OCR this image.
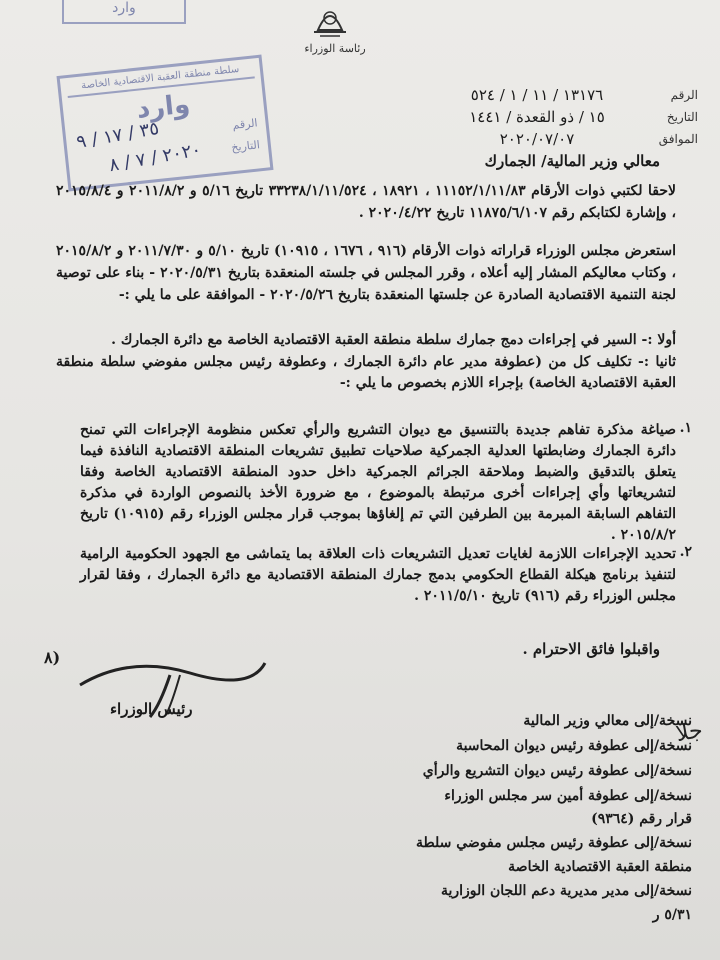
وارد
رئاسة الوزراء
الرقم
١٣١٧٦ / ١١ / ١ / ٥٢٤
التاريخ
١٥ / ذو القعدة / ١٤٤١
الموافق
٢٠٢٠/٠٧/٠٧
سلطة منطقة العقبة الاقتصادية الخاصة
وارد	الرقم
التاريخ
٣٥ / ١٧ / ٩
٢٠٢٠ / ٧ / ٨	معالي وزير المالية/ الجمارك
لاحقا لكتبي ذوات الأرقام ١١١٥٢/١/١١/٨٣ ، ١٨٩٢١ ، ٣٣٢٣٨/١/١١/٥٢٤ تاريخ ٥/١٦ و ٢٠١١/٨/٢ و ٢٠١٥/٨/٤ ، وإشارة لكتابكم رقم ١١٨٧٥/٦/١٠٧ تاريخ ٢٠٢٠/٤/٢٢ .
استعرض مجلس الوزراء قراراته ذوات الأرقام (٩١٦ ، ١٦٧٦ ، ١٠٩١٥) تاريخ ٥/١٠ و ٢٠١١/٧/٣٠ و ٢٠١٥/٨/٢ ، وكتاب معاليكم المشار إليه أعلاه ، وقرر المجلس في جلسته المنعقدة بتاريخ ٢٠٢٠/٥/٣١ - بناء على توصية لجنة التنمية الاقتصادية الصادرة عن جلستها المنعقدة بتاريخ ٢٠٢٠/٥/٢٦ - الموافقة على ما يلي :-
أولا :- السير في إجراءات دمج جمارك سلطة منطقة العقبة الاقتصادية الخاصة مع دائرة الجمارك .
ثانيا :- تكليف كل من (عطوفة مدير عام دائرة الجمارك ، وعطوفة رئيس مجلس مفوضي سلطة منطقة العقبة الاقتصادية الخاصة) بإجراء اللازم بخصوص ما يلي :-
١.
صياغة مذكرة تفاهم جديدة بالتنسيق مع ديوان التشريع والرأي تعكس منظومة الإجراءات التي تمنح دائرة الجمارك وضابطتها العدلية الجمركية صلاحيات تطبيق تشريعات المنطقة الاقتصادية النافذة فيما يتعلق بالتدقيق والضبط وملاحقة الجرائم الجمركية داخل حدود المنطقة الاقتصادية الخاصة وفقا لتشريعاتها وأي إجراءات أخرى مرتبطة بالموضوع ، مع ضرورة الأخذ بالنصوص الواردة في مذكرة التفاهم السابقة المبرمة بين الطرفين التي تم إلغاؤها بموجب قرار مجلس الوزراء رقم (١٠٩١٥) تاريخ ٢٠١٥/٨/٢ .
٢.
تحديد الإجراءات اللازمة لغايات تعديل التشريعات ذات العلاقة بما يتماشى مع الجهود الحكومية الرامية لتنفيذ برنامج هيكلة القطاع الحكومي بدمج جمارك المنطقة الاقتصادية مع دائرة الجمارك ، وفقا لقرار مجلس الوزراء رقم (٩١٦) تاريخ ٢٠١١/٥/١٠ .
واقبلوا فائق الاحترام .
(٨
رئيس الوزراء
جلا
نسخة/إلى معالي وزير المالية
نسخة/إلى عطوفة رئيس ديوان المحاسبة
نسخة/إلى عطوفة رئيس ديوان التشريع والرأي
نسخة/إلى عطوفة أمين سر مجلس الوزراء
قرار رقم (٩٣٦٤)
نسخة/إلى عطوفة رئيس مجلس مفوضي سلطة
منطقة العقبة الاقتصادية الخاصة
نسخة/إلى مدير مديرية دعم اللجان الوزارية
٥/٣١ ر
